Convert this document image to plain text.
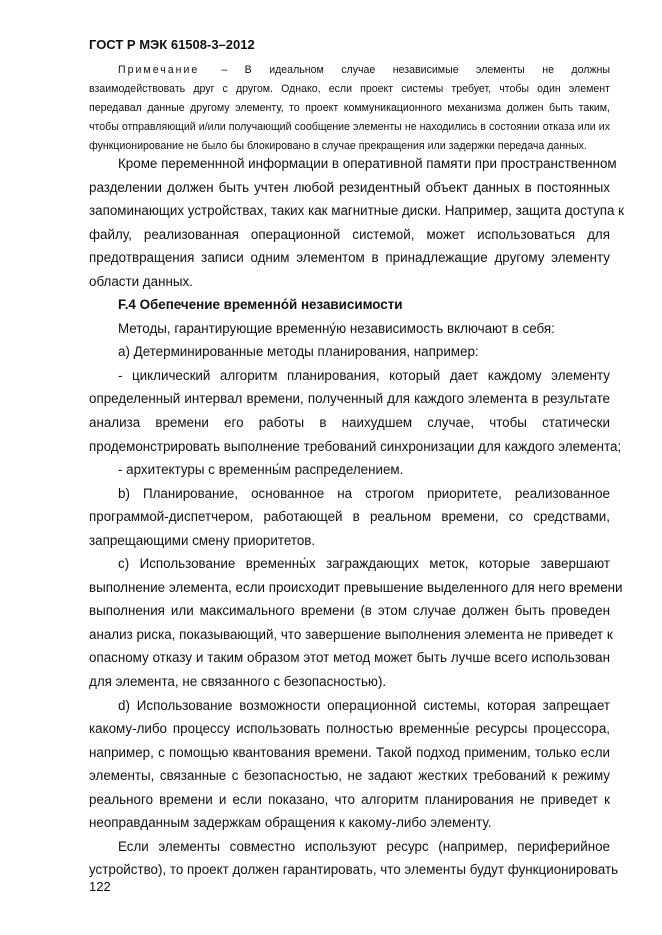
ГОСТ Р МЭК 61508-3–2012
Примечание – В идеальном случае независимые элементы не должны
взаимодействовать друг с другом. Однако, если проект системы требует, чтобы один элемент
передавал данные другому элементу, то проект коммуникационного механизма должен быть таким,
чтобы отправляющий и/или получающий сообщение элементы не находились в состоянии отказа или их
функционирование не было бы блокировано в случае прекращения или задержки передача данных.
Кроме переменнной информации в оперативной памяти при пространственном
разделении должен быть учтен любой резидентный объект данных в постоянных
запоминающих устройствах, таких как магнитные диски. Например, защита доступа к
файлу, реализованная операционной системой, может использоваться для
предотвращения записи одним элементом в принадлежащие другому элементу
области данных.
F.4 Обепечение временно́й независимости
Методы, гарантирующие временну́ю независимость включают в себя:
a) Детерминированные методы планирования, например:
- циклический алгоритм планирования, который дает каждому элементу
определенный интервал времени, полученный для каждого элемента в результате
анализа времени его работы в наихудшем случае, чтобы статически
продемонстрировать выполнение требований синхронизации для каждого элемента;
- архитектуры с временны́м распределением.
b) Планирование, основанное на строгом приоритете, реализованное
программой-диспетчером, работающей в реальном времени, со средствами,
запрещающими смену приоритетов.
c) Использование временны́х заграждающих меток, которые завершают
выполнение элемента, если происходит превышение выделенного для него времени
выполнения или максимального времени (в этом случае должен быть проведен
анализ риска, показывающий, что завершение выполнения элемента не приведет к
опасному отказу и таким образом этот метод может быть лучше всего использован
для элемента, не связанного с безопасностью).
d) Использование возможности операционной системы, которая запрещает
какому-либо процессу использовать полностью временны́е ресурсы процессора,
например, с помощью квантования времени. Такой подход применим, только если
элементы, связанные с безопасностью, не задают жестких требований к режиму
реального времени и если показано, что алгоритм планирования не приведет к
неоправданным задержкам обращения к какому-либо элементу.
Если элементы совместно используют ресурс (например, периферийное
устройство), то проект должен гарантировать, что элементы будут функционировать
122
